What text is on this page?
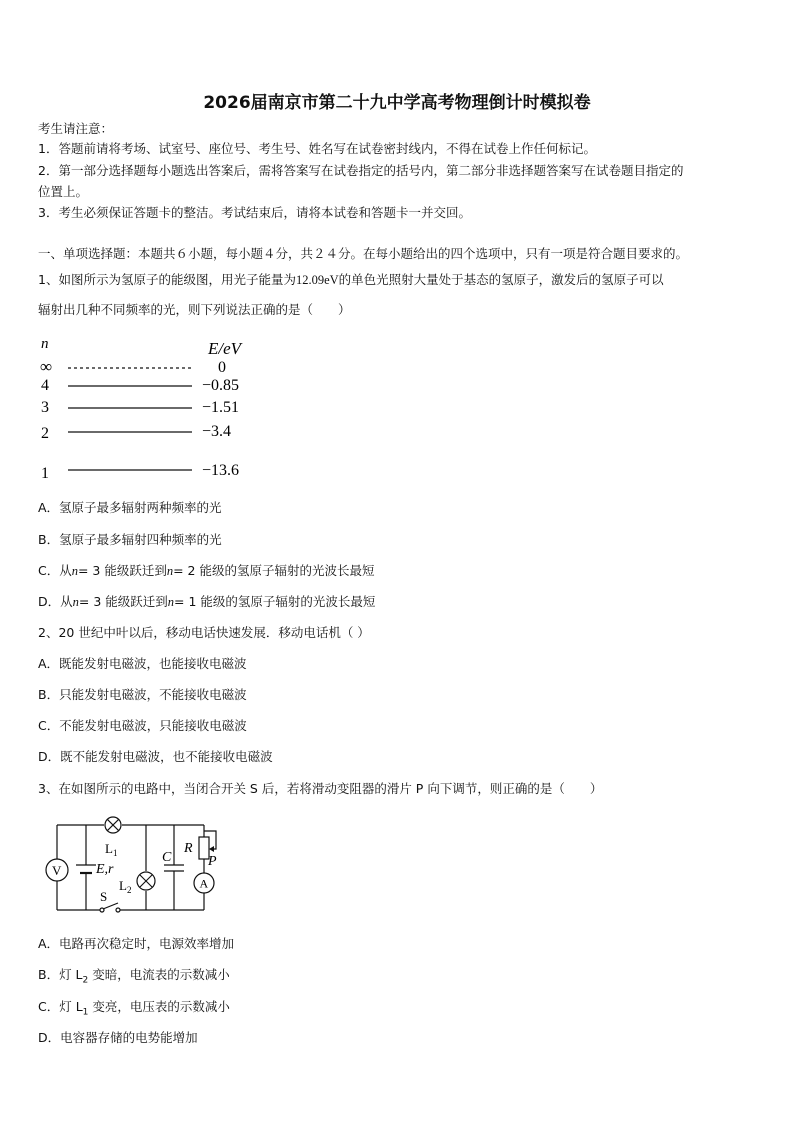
2026届南京市第二十九中学高考物理倒计时模拟卷
考生请注意：
1．答题前请将考场、试室号、座位号、考生号、姓名写在试卷密封线内，不得在试卷上作任何标记。
2．第一部分选择题每小题选出答案后，需将答案写在试卷指定的括号内，第二部分非选择题答案写在试卷题目指定的
位置上。
3．考生必须保证答题卡的整洁。考试结束后，请将本试卷和答题卡一并交回。
一、单项选择题：本题共６小题，每小题４分，共２４分。在每小题给出的四个选项中，只有一项是符合题目要求的。
1、如图所示为氢原子的能级图，用光子能量为12.09eV的单色光照射大量处于基态的氢原子，激发后的氢原子可以
辐射出几种不同频率的光，则下列说法正确的是（　　）
n	E/eV
∞	0
4	−0.85
3	−1.51
2	−3.4
1	−13.6
A．氢原子最多辐射两种频率的光
B．氢原子最多辐射四种频率的光
C．从n= 3 能级跃迁到n= 2 能级的氢原子辐射的光波长最短
D．从n= 3 能级跃迁到n= 1 能级的氢原子辐射的光波长最短
2、20 世纪中叶以后，移动电话快速发展．移动电话机（ ）
A．既能发射电磁波，也能接收电磁波
B．只能发射电磁波，不能接收电磁波
C．不能发射电磁波，只能接收电磁波
D．既不能发射电磁波，也不能接收电磁波
3、在如图所示的电路中，当闭合开关 S 后，若将滑动变阻器的滑片 P 向下调节，则正确的是（　　）
V
A
$L_1$
E,r
$L_2$
S
C
R
P
A．电路再次稳定时，电源效率增加
B．灯 $L_2$ 变暗，电流表的示数减小
C．灯 $L_1$ 变亮，电压表的示数减小
D．电容器存储的电势能增加
